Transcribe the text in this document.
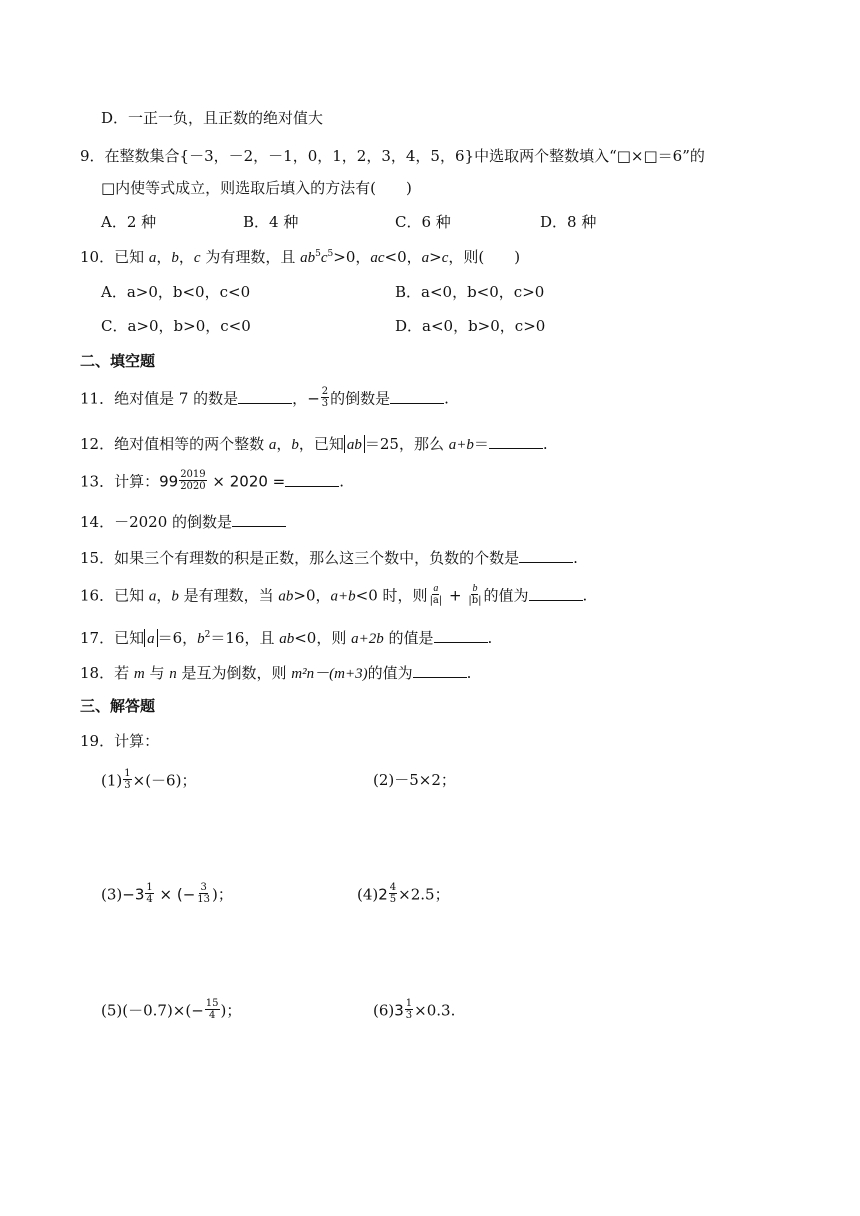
D．一正一负，且正数的绝对值大
9．在整数集合{－3，－2，－1，0，1，2，3，4，5，6}中选取两个整数填入“□×□＝6”的
□内使等式成立，则选取后填入的方法有(　　)
A．2 种	B．4 种	C．6 种	D．8 种
10．已知 a，b，c 为有理数，且 $ab^5c^5>0$，ac<0，a>c，则(　　)
A．a>0，b<0，c<0	B．a<0，b<0，c>0
C．a>0，b>0，c<0	D．a<0，b>0，c>0
二、填空题
11．绝对值是 7 的数是	，− $\frac{2}{3}$ 的倒数是	.
12．绝对值相等的两个整数 a，b，已知 ab ＝25，那么 a+b＝	.
13．计算：$99 \frac{2019}{2020} \times 2020$ =	.
14．－2020 的倒数是
15．如果三个有理数的积是正数，那么这三个数中，负数的个数是	.
16．已知 a，b 是有理数，当 ab>0，a+b<0 时，则 $\frac{a}{|a|} + \frac{b}{|b|}$ 的值为	.
17．已知 a ＝6，$b^2=16$，且 ab<0，则 a+2b 的值是	.
18．若 m 与 n 是互为倒数，则 m²n－(m+3)的值为	.
三、解答题
19．计算：
$(1) \frac{1}{3} \times(-6)$；	(2)－5×2；
$(3)-3 \frac{1}{4}$ × (− $\frac{3}{13}$ )；	$(4)2 \frac{4}{5} \times 2.5$；
$(5)(-0.7)\times(- \frac{15}{4}$ )；	$(6)3 \frac{1}{3} \times 0.3$.
